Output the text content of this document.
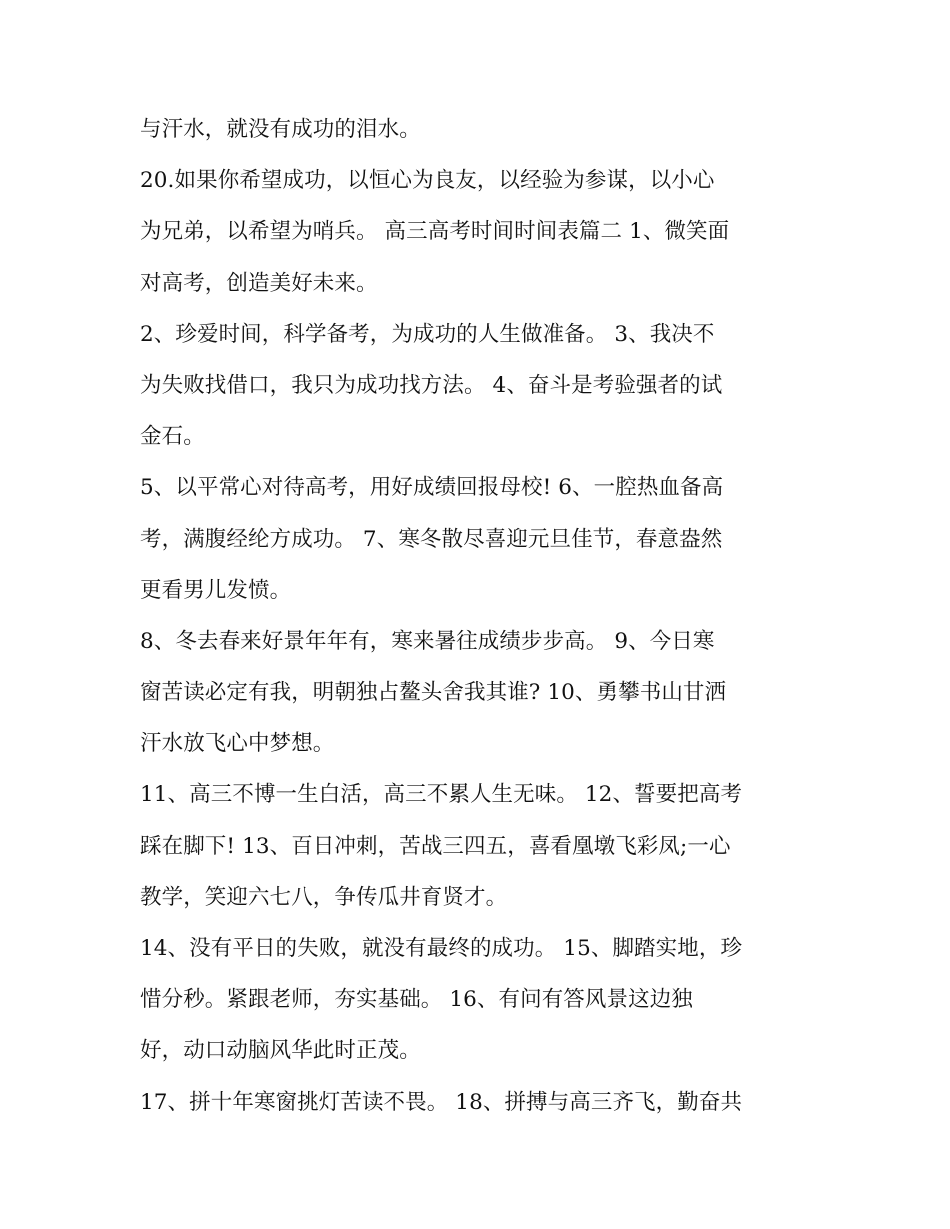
与汗水，就没有成功的泪水。
20.如果你希望成功，以恒心为良友，以经验为参谋，以小心
为兄弟，以希望为哨兵。 高三高考时间时间表篇二 1、微笑面
对高考，创造美好未来。
2、珍爱时间，科学备考，为成功的人生做准备。 3、我决不
为失败找借口，我只为成功找方法。 4、奋斗是考验强者的试
金石。
5、以平常心对待高考，用好成绩回报母校! 6、一腔热血备高
考，满腹经纶方成功。 7、寒冬散尽喜迎元旦佳节，春意盎然
更看男儿发愤。
8、冬去春来好景年年有，寒来暑往成绩步步高。 9、今日寒
窗苦读必定有我，明朝独占鳌头舍我其谁? 10、勇攀书山甘洒
汗水放飞心中梦想。
11、高三不博一生白活，高三不累人生无味。 12、誓要把高考
踩在脚下! 13、百日冲刺，苦战三四五，喜看凰墩飞彩凤;一心
教学，笑迎六七八，争传瓜井育贤才。
14、没有平日的失败，就没有最终的成功。 15、脚踏实地，珍
惜分秒。紧跟老师，夯实基础。 16、有问有答风景这边独
好，动口动脑风华此时正茂。
17、拼十年寒窗挑灯苦读不畏。 18、拼搏与高三齐飞，勤奋共
